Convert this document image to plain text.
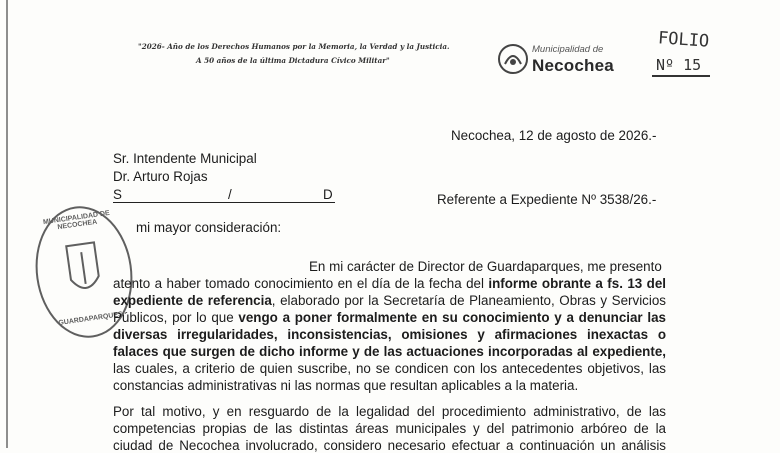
"2026- Año de los Derechos Humanos por la Memoria, la Verdad y la Justicia.
A 50 años de la última Dictadura Cívico Militar"
Municipalidad de
Necochea
FOLIO
Nº 15
Necochea, 12 de agosto de 2026.-
Sr. Intendente Municipal
Dr. Arturo Rojas
S	/	D	Referente a Expediente Nº 3538/26.-
MUNICIPALIDAD DE NECOCHEA
GUARDAPARQUES
mi mayor consideración:
En mi carácter de Director de Guardaparques, me presento
atento a haber tomado conocimiento en el día de la fecha del informe obrante a fs. 13 del
expediente de referencia, elaborado por la Secretaría de Planeamiento, Obras y Servicios
Públicos, por lo que vengo a poner formalmente en su conocimiento y a denunciar las
diversas irregularidades, inconsistencias, omisiones y afirmaciones inexactas o
falaces que surgen de dicho informe y de las actuaciones incorporadas al expediente,
las cuales, a criterio de quien suscribe, no se condicen con los antecedentes objetivos, las
constancias administrativas ni las normas que resultan aplicables a la materia.
Por tal motivo, y en resguardo de la legalidad del procedimiento administrativo, de las
competencias propias de las distintas áreas municipales y del patrimonio arbóreo de la
ciudad de Necochea involucrado, considero necesario efectuar a continuación un análisis
